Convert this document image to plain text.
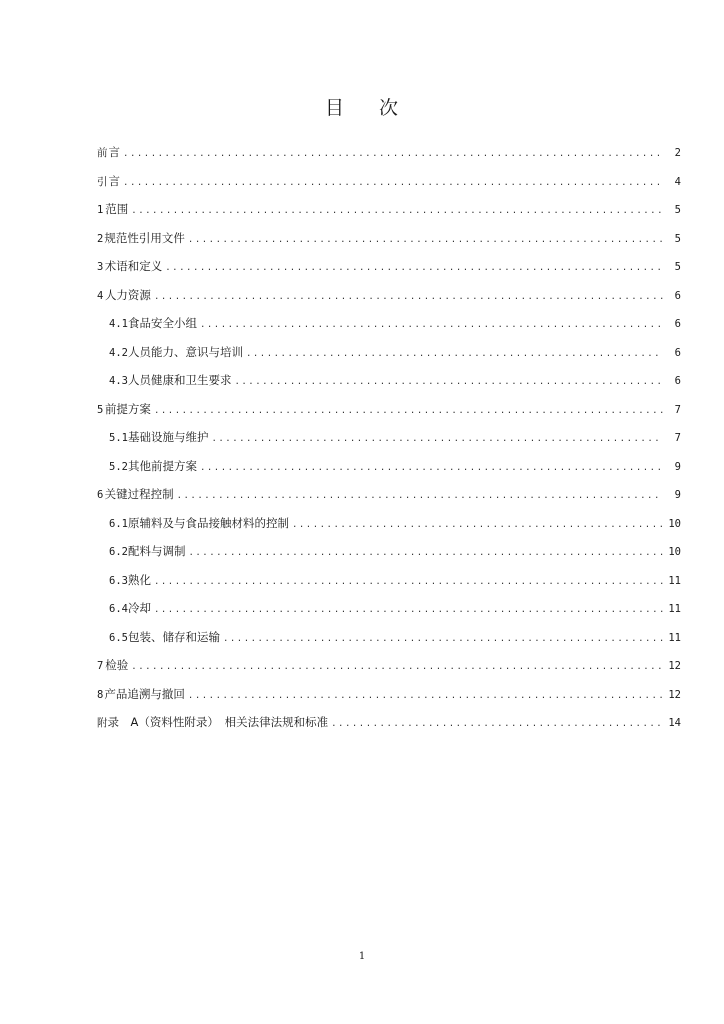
目 次
前 言 .....	2
引 言 .....	4
1 范围 .....	5
2 规范性引用文件 .....	5
3 术语和定义 .....	5
4 人力资源 .....	6
4.1 食品安全小组 .....	6
4.2 人员能力、意识与培训 .....	6
4.3 人员健康和卫生要求 .....	6
5 前提方案 .....	7
5.1 基础设施与维护 .....	7
5.2 其他前提方案 .....	9
6 关键过程控制 .....	9
6.1 原辅料及与食品接触材料的控制 .....	10
6.2 配料与调制 .....	10
6.3 熟化 .....	11
6.4 冷却 .....	11
6.5 包装、储存和运输 .....	11
7 检验 .....	12
8 产品追溯与撤回 .....	12
附 录　A（资料性附录）　相关法律法规和标准 .....	14
1
